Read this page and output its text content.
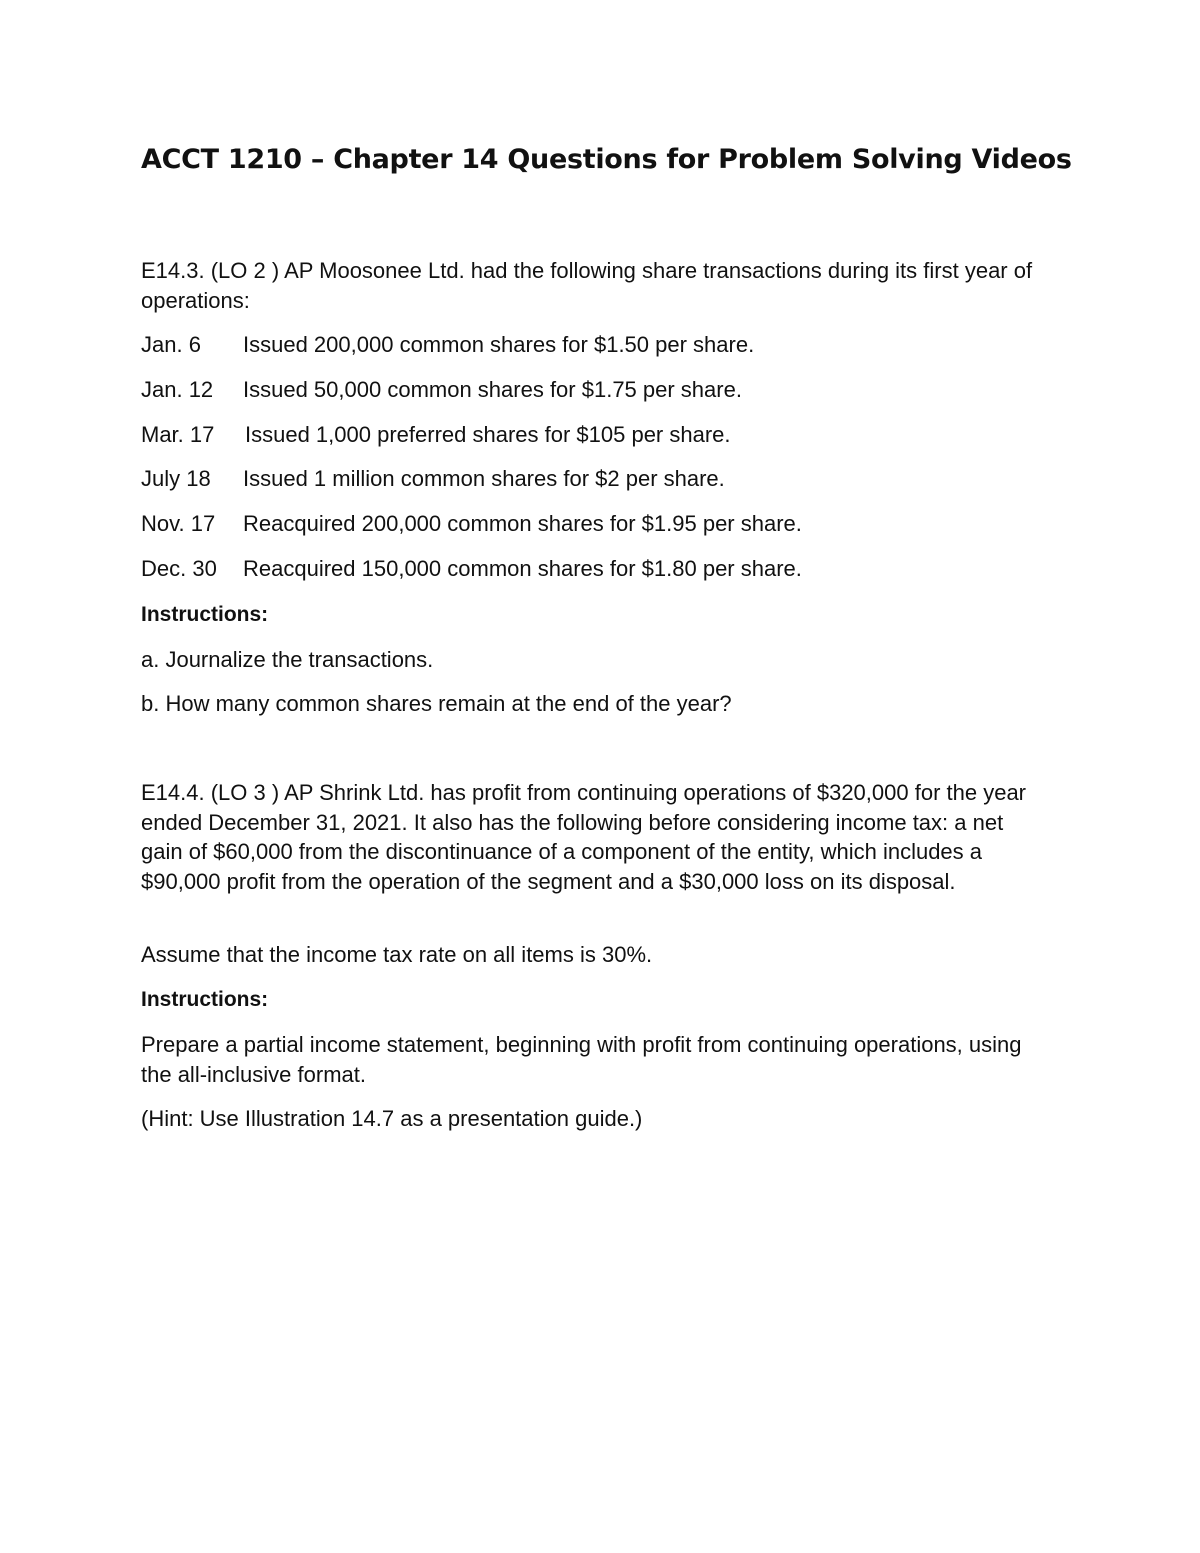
ACCT 1210 – Chapter 14 Questions for Problem Solving Videos

E14.3. (LO 2 ) AP Moosonee Ltd. had the following share transactions during its first year of operations:

Jan. 6 Issued 200,000 common shares for $1.50 per share.
Jan. 12 Issued 50,000 common shares for $1.75 per share.
Mar. 17 Issued 1,000 preferred shares for $105 per share.
July 18 Issued 1 million common shares for $2 per share.
Nov. 17 Reacquired 200,000 common shares for $1.95 per share.
Dec. 30 Reacquired 150,000 common shares for $1.80 per share.
Instructions:
a. Journalize the transactions.
b. How many common shares remain at the end of the year?

E14.4. (LO 3 ) AP Shrink Ltd. has profit from continuing operations of $320,000 for the year ended December 31, 2021. It also has the following before considering income tax: a net gain of $60,000 from the discontinuance of a component of the entity, which includes a $90,000 profit from the operation of the segment and a $30,000 loss on its disposal.

Assume that the income tax rate on all items is 30%.
Instructions:

Prepare a partial income statement, beginning with profit from continuing operations, using the all-inclusive format.

(Hint: Use Illustration 14.7 as a presentation guide.)
